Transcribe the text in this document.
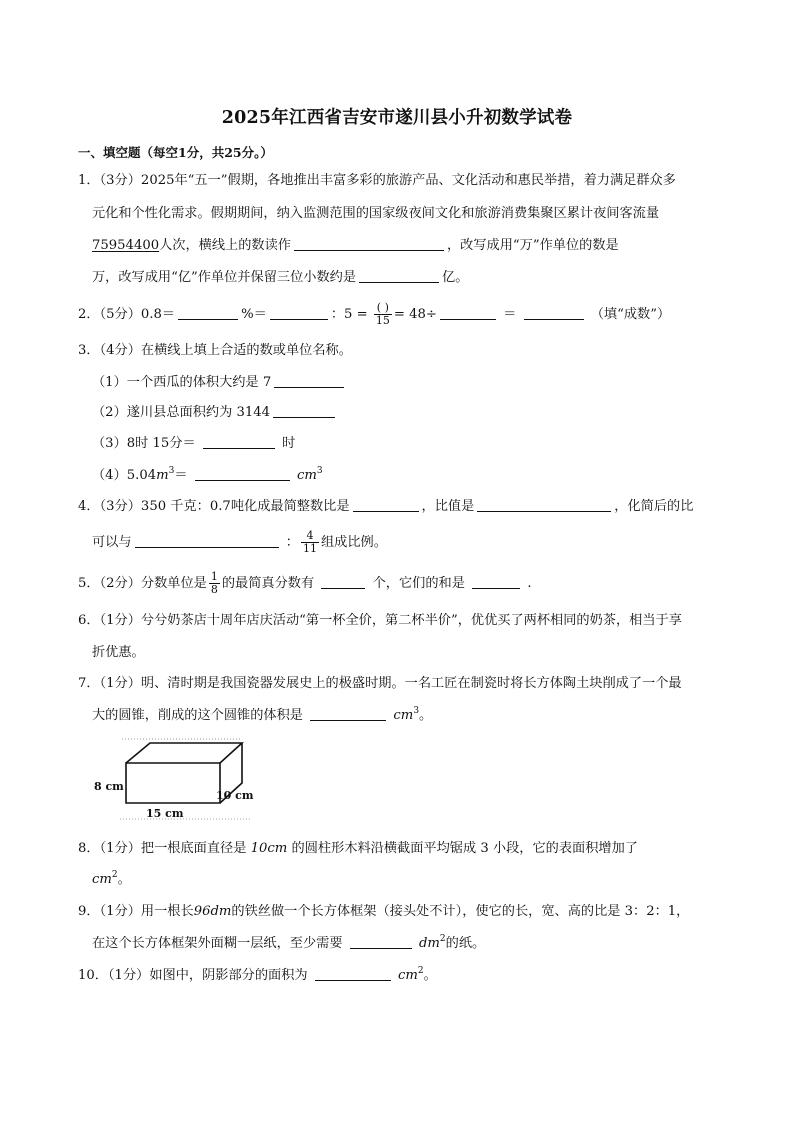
2025年江西省吉安市遂川县小升初数学试卷
一、填空题（每空1分，共25分。）
1．（3分）2025年“五一”假期，各地推出丰富多彩的旅游产品、文化活动和惠民举措，着力满足群众多
元化和个性化需求。假期期间，纳入监测范围的国家级夜间文化和旅游消费集聚区累计夜间客流量
75954400人次，横线上的数读作	，改写成用“万”作单位的数是
万，改写成用“亿”作单位并保留三位小数约是	亿。
2．（5分）0.8＝	%＝	：$5 = \frac{( )}{15} = 48\div$	＝	（填“成数”）
3．（4分）在横线上填上合适的数或单位名称。
（1）一个西瓜的体积大约是 7
（2）遂川县总面积约为 3144
（3）8时 15分＝	时
$(4)5.04m^3=$	$cm^3$
4．（3分）350 千克：0.7吨化成最简整数比是	，比值是	，化简后的比
可以与	： $\frac{4}{11}$ 组成比例。
5．（2分）分数单位是 $\frac{1}{8}$ 的最简真分数有	个，它们的和是	.
6．（1分）兮兮奶茶店十周年店庆活动“第一杯全价，第二杯半价”，优优买了两杯相同的奶茶，相当于享
折优惠。
7．（1分）明、清时期是我国瓷器发展史上的极盛时期。一名工匠在制瓷时将长方体陶土块削成了一个最
大的圆锥，削成的这个圆锥的体积是	$cm^3$。
8 cm
10 cm
15 cm
8．（1分）把一根底面直径是 10cm 的圆柱形木料沿横截面平均锯成 3 小段，它的表面积增加了
$cm^2$。
9．（1分）用一根长96dm的铁丝做一个长方体框架（接头处不计），使它的长，宽、高的比是 3：2：1，
在这个长方体框架外面糊一层纸，至少需要	$dm^2$的纸。
10．（1分）如图中，阴影部分的面积为	$cm^2$。
